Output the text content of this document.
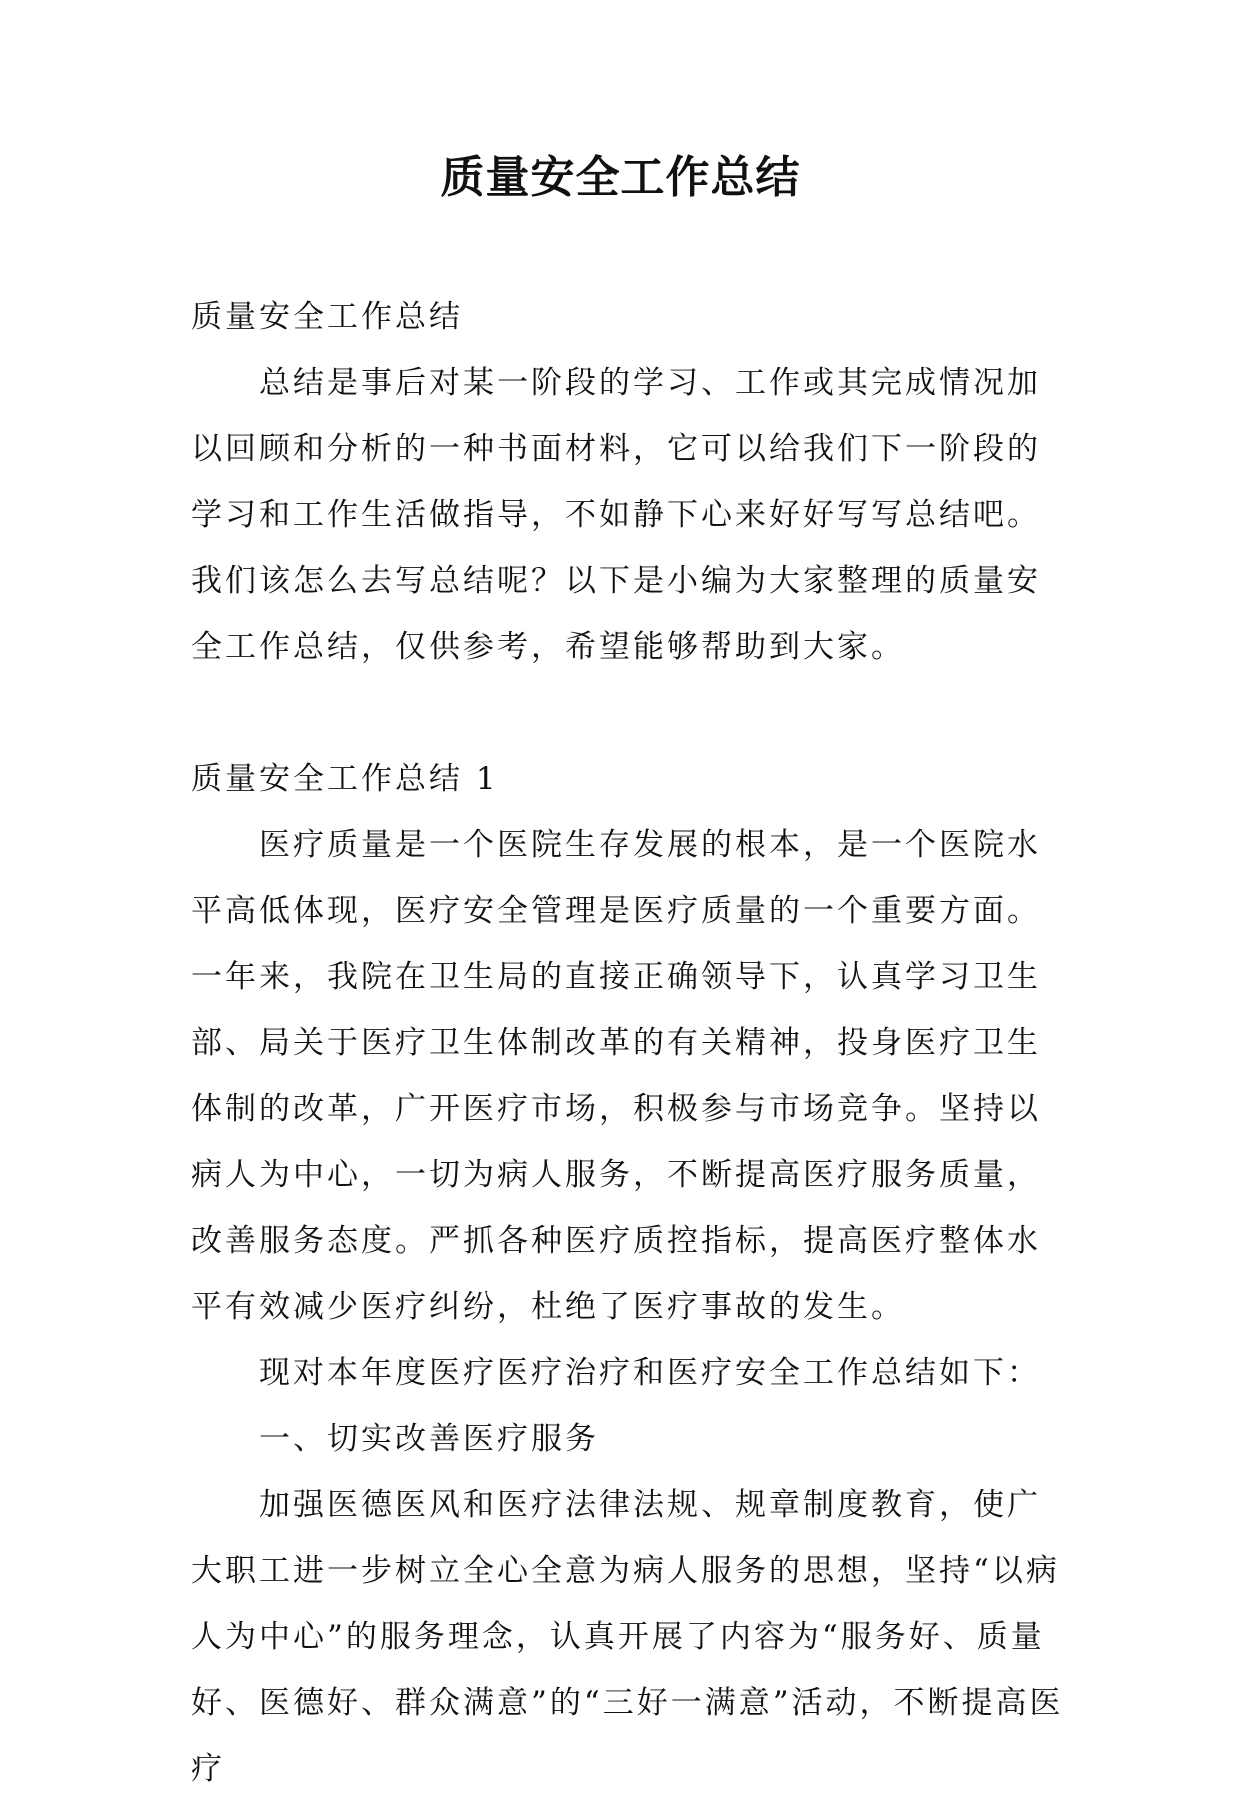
质量安全工作总结

质量安全工作总结

总结是事后对某一阶段的学习、工作或其完成情况加以回顾和分析的一种书面材料，它可以给我们下一阶段的学习和工作生活做指导，不如静下心来好好写写总结吧。我们该怎么去写总结呢？以下是小编为大家整理的质量安全工作总结，仅供参考，希望能够帮助到大家。

质量安全工作总结 1

医疗质量是一个医院生存发展的根本，是一个医院水平高低体现，医疗安全管理是医疗质量的一个重要方面。一年来，我院在卫生局的直接正确领导下，认真学习卫生部、局关于医疗卫生体制改革的有关精神，投身医疗卫生体制的改革，广开医疗市场，积极参与市场竞争。坚持以病人为中心，一切为病人服务，不断提高医疗服务质量，改善服务态度。严抓各种医疗质控指标，提高医疗整体水平有效减少医疗纠纷，杜绝了医疗事故的发生。

现对本年度医疗医疗治疗和医疗安全工作总结如下：

一、切实改善医疗服务

加强医德医风和医疗法律法规、规章制度教育，使广大职工进一步树立全心全意为病人服务的思想，坚持“以病人为中心”的服务理念，认真开展了内容为“服务好、质量好、医德好、群众满意”的“三好一满意”活动，不断提高医疗
